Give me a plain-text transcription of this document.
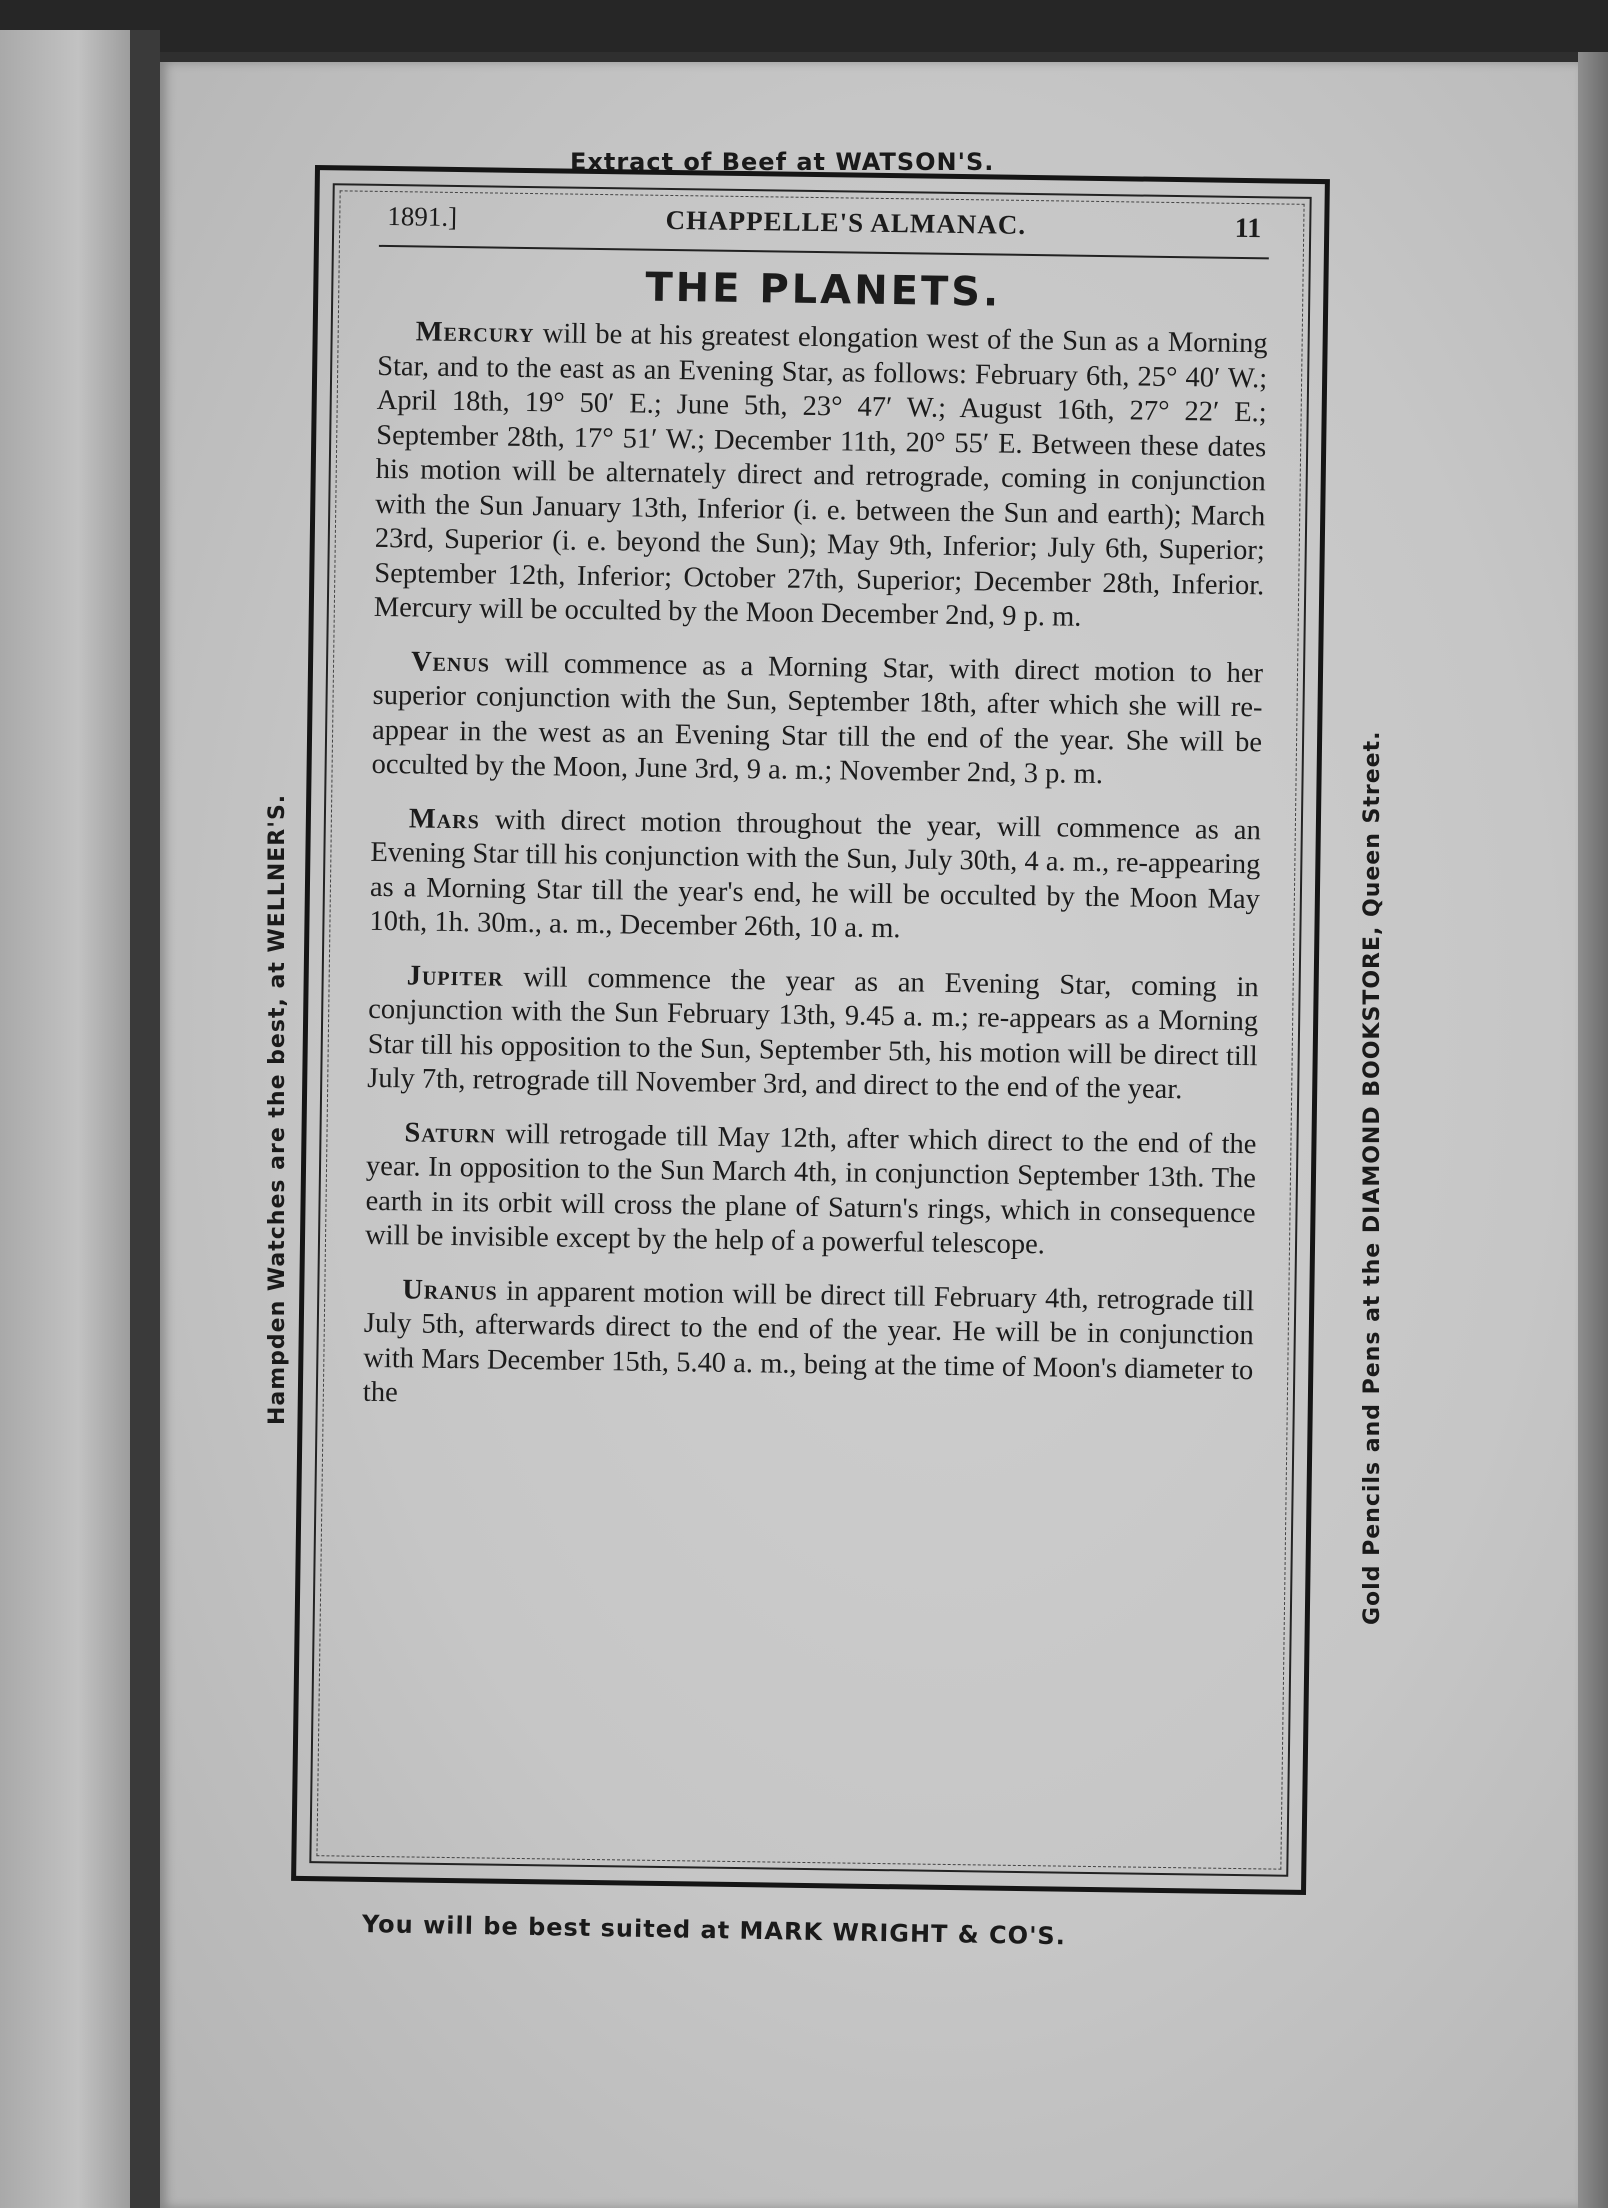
Extract of Beef at WATSON'S.
You will be best suited at MARK WRIGHT & CO'S.
Hampden Watches are the best, at WELLNER'S.	Gold Pencils and Pens at the DIAMOND BOOKSTORE, Queen Street.
1891.]	CHAPPELLE'S ALMANAC.	11
THE PLANETS.

Mercury will be at his greatest elongation west of the Sun as a Morning Star, and to the east as an Evening Star, as follows: February 6th, 25° 40′ W.; April 18th, 19° 50′ E.; June 5th, 23° 47′ W.; August 16th, 27° 22′ E.; September 28th, 17° 51′ W.; December 11th, 20° 55′ E. Between these dates his motion will be alternately direct and retrograde, coming in conjunction with the Sun January 13th, Inferior (i. e. between the Sun and earth); March 23rd, Superior (i. e. beyond the Sun); May 9th, Inferior; July 6th, Superior; September 12th, Inferior; October 27th, Superior; December 28th, Inferior. Mercury will be occulted by the Moon December 2nd, 9 p. m.

Venus will commence as a Morning Star, with direct motion to her superior conjunction with the Sun, September 18th, after which she will re-appear in the west as an Evening Star till the end of the year. She will be occulted by the Moon, June 3rd, 9 a. m.; November 2nd, 3 p. m.

Mars with direct motion throughout the year, will commence as an Evening Star till his conjunction with the Sun, July 30th, 4 a. m., re-appearing as a Morning Star till the year's end, he will be occulted by the Moon May 10th, 1h. 30m., a. m., December 26th, 10 a. m.

Jupiter will commence the year as an Evening Star, coming in conjunction with the Sun February 13th, 9.45 a. m.; re-appears as a Morning Star till his opposition to the Sun, September 5th, his motion will be direct till July 7th, retrograde till November 3rd, and direct to the end of the year.

Saturn will retrogade till May 12th, after which direct to the end of the year. In opposition to the Sun March 4th, in conjunction September 13th. The earth in its orbit will cross the plane of Saturn's rings, which in consequence will be invisible except by the help of a powerful telescope.

Uranus in apparent motion will be direct till February 4th, retrograde till July 5th, afterwards direct to the end of the year. He will be in conjunction with Mars December 15th, 5.40 a. m., being at the time of Moon's diameter to the
